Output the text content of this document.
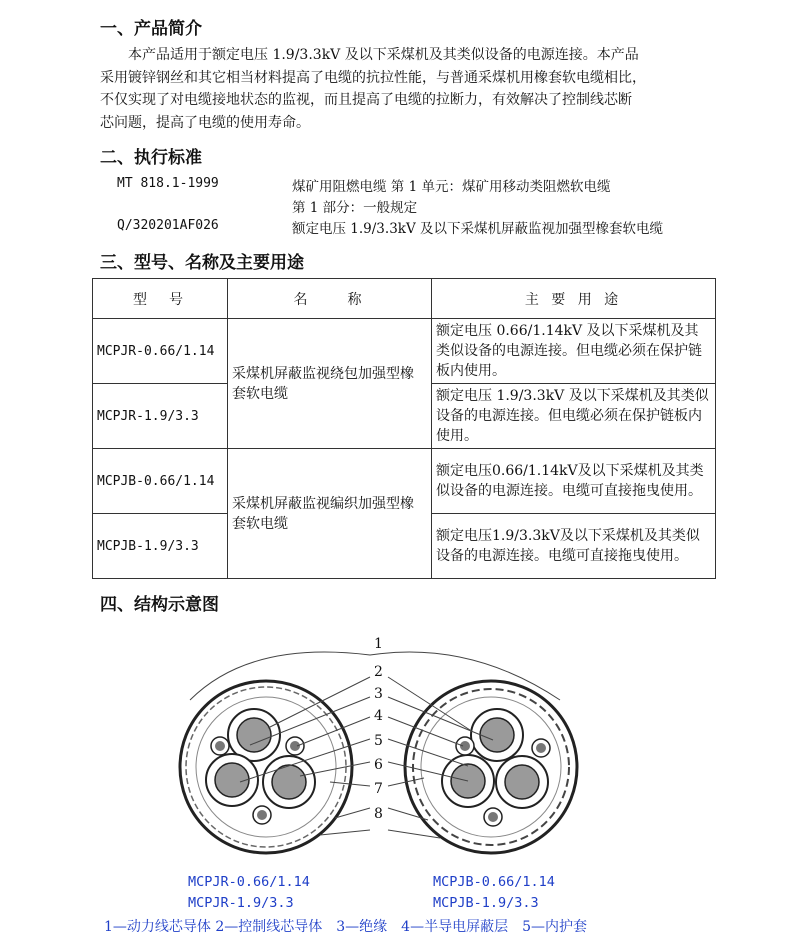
一、产品简介
本产品适用于额定电压 1.9/3.3kV 及以下采煤机及其类似设备的电源连接。本产品
采用镀锌钢丝和其它相当材料提高了电缆的抗拉性能，与普通采煤机用橡套软电缆相比，
不仅实现了对电缆接地状态的监视，而且提高了电缆的拉断力，有效解决了控制线芯断
芯问题，提高了电缆的使用寿命。
二、执行标准
MT 818.1-1999	煤矿用阻燃电缆 第 1 单元：煤矿用移动类阻燃软电缆
第 1 部分：一般规定
Q/320201AF026	额定电压 1.9/3.3kV 及以下采煤机屏蔽监视加强型橡套软电缆
三、型号、名称及主要用途
型　号	名　　称	主 要 用 途
MCPJR-0.66/1.14	采煤机屏蔽监视绕包加强型橡套软电缆	额定电压 0.66/1.14kV 及以下采煤机及其类似设备的电源连接。但电缆必须在保护链板内使用。
MCPJR-1.9/3.3		额定电压 1.9/3.3kV 及以下采煤机及其类似设备的电源连接。但电缆必须在保护链板内使用。
MCPJB-0.66/1.14	采煤机屏蔽监视编织加强型橡套软电缆	额定电压0.66/1.14kV及以下采煤机及其类似设备的电源连接。电缆可直接拖曳使用。
MCPJB-1.9/3.3		额定电压1.9/3.3kV及以下采煤机及其类似设备的电源连接。电缆可直接拖曳使用。
四、结构示意图
1
2
3
4
5
6
7
8
MCPJR-0.66/1.14
MCPJR-1.9/3.3
MCPJB-0.66/1.14
MCPJB-1.9/3.3
1—动力线芯导体 2—控制线芯导体　3—绝缘　4—半导电屏蔽层　5—内护套
